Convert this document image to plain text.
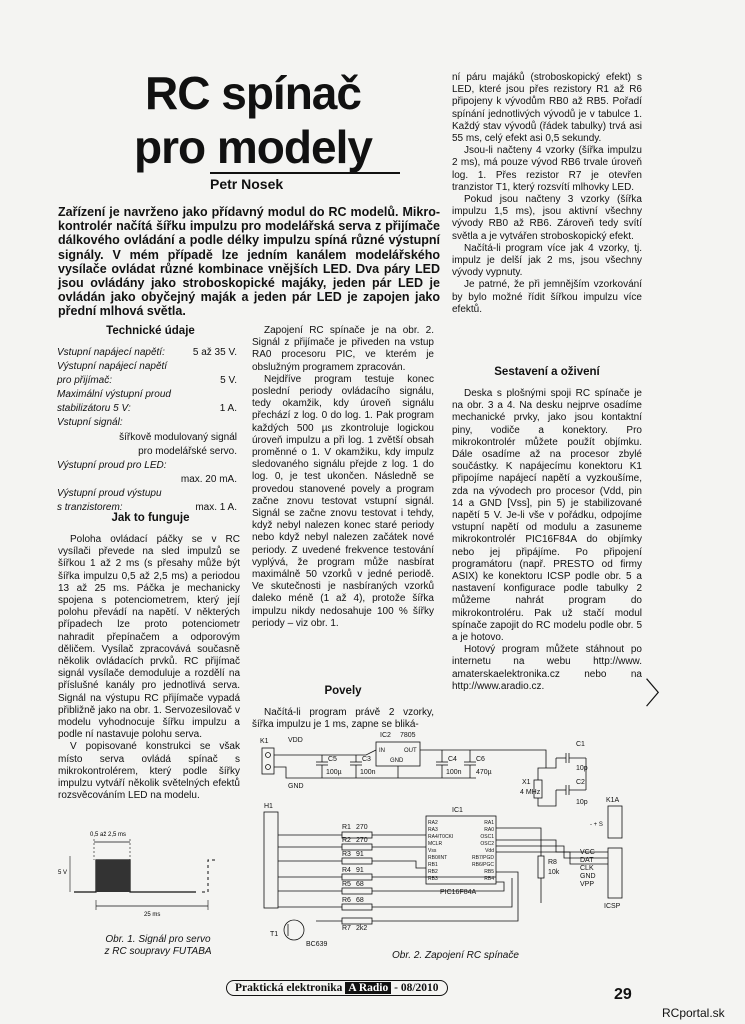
RC spínač
pro modely
Petr Nosek
Zařízení je navrženo jako přídavný modul do RC modelů. Mikro-kontrolér načítá šířku impulzu pro modelářská serva z přijímače dálkového ovládání a podle délky impulzu spíná různé výstupní signály. V mém případě lze jedním kanálem modelářského vysílače ovládat různé kombinace vnějších LED. Dva páry LED jsou ovládány jako stroboskopické majáky, jeden pár LED je ovládán jako obyčejný maják a jeden pár LED je zapojen jako přední mlhová světla.
Technické údaje
Vstupní napájecí napětí:	5 až 35 V.
Výstupní napájecí napětí	
pro přijímač:	5 V.
Maximální výstupní proud	
stabilizátoru 5 V:	1 A.
Vstupní signál:	
šířkově modulovaný signál	
pro modelářské servo.	
Výstupní proud pro LED:	
max. 20 mA.	
Výstupní proud výstupu	
s tranzistorem:	max. 1 A.
Jak to funguje

Poloha ovládací páčky se v RC vysílači převede na sled impulzů se šířkou 1 až 2 ms (s přesahy může být šířka impulzu 0,5 až 2,5 ms) a periodou 13 až 25 ms. Páčka je mechanicky spojena s potenciometrem, který její polohu převádí na napětí. V některých případech lze proto potenciometr nahradit přepínačem a odporovým děličem. Vysílač zpracovává současně několik ovládacích prvků. RC přijímač signál vysílače demoduluje a rozdělí na příslušné kanály pro jednotlivá serva. Signál na výstupu RC přijímače vypadá přibližně jako na obr. 1. Servozesilovač v modelu vyhodnocuje šířku impulzu a podle ní nastavuje polohu serva.

V popisované konstrukci se však místo serva ovládá spínač s mikrokontrolérem, který podle šířky impulzu vytváří několik světelných efektů rozsvěcováním LED na modelu.

Zapojení RC spínače je na obr. 2. Signál z přijímače je přiveden na vstup RA0 procesoru PIC, ve kterém je obslužným programem zpracován.

Nejdříve program testuje konec poslední periody ovládacího signálu, tedy okamžik, kdy úroveň signálu přechází z log. 0 do log. 1. Pak program každých 500 µs zkontroluje logickou úroveň impulzu a při log. 1 zvětší obsah proměnné o 1. V okamžiku, kdy impulz sledovaného signálu přejde z log. 1 do log. 0, je test ukončen. Následně se provedou stanovené povely a program začne znovu testovat vstupní signál. Signál se začne znovu testovat i tehdy, když nebyl nalezen konec staré periody nebo když nebyl nalezen začátek nové periody. Z uvedené frekvence testování vyplývá, že program může nasbírat maximálně 50 vzorků v jedné periodě. Ve skutečnosti je nasbíraných vzorků daleko méně (1 až 4), protože šířka impulzu nikdy nedosahuje 100 % šířky periody – viz obr. 1.

Povely

Načítá-li program právě 2 vzorky, šířka impulzu je 1 ms, zapne se bliká-

ní páru majáků (stroboskopický efekt) s LED, které jsou přes rezistory R1 až R6 připojeny k vývodům RB0 až RB5. Pořadí spínání jednotlivých vývodů je v tabulce 1. Každý stav vývodů (řádek tabulky) trvá asi 55 ms, celý efekt asi 0,5 sekundy.

Jsou-li načteny 4 vzorky (šířka impulzu 2 ms), má pouze vývod RB6 trvale úroveň log. 1. Přes rezistor R7 je otevřen tranzistor T1, který rozsvítí mlhovky LED.

Pokud jsou načteny 3 vzorky (šířka impulzu 1,5 ms), jsou aktivní všechny vývody RB0 až RB6. Zároveň tedy svítí světla a je vytvářen stroboskopický efekt.

Načítá-li program více jak 4 vzorky, tj. impulz je delší jak 2 ms, jsou všechny vývody vypnuty.

Je patrné, že při jemnějším vzorkování by bylo možné řídit šířkou impulzu více efektů.

Sestavení a oživení

Deska s plošnými spoji RC spínače je na obr. 3 a 4. Na desku nejprve osadíme mechanické prvky, jako jsou kontaktní piny, vodiče a konektory. Pro mikrokontrolér můžete použít objímku. Dále osadíme až na procesor zbylé součástky. K napájecímu konektoru K1 připojíme napájecí napětí a vyzkoušíme, zda na vývodech pro procesor (Vdd, pin 14 a GND [Vss], pin 5) je stabilizované napětí 5 V. Je-li vše v pořádku, odpojíme vstupní napětí od modulu a zasuneme mikrokontrolér PIC16F84A do objímky nebo jej připájíme. Po připojení programátoru (např. PRESTO od firmy ASIX) ke konektoru ICSP podle obr. 5 a nastavení konfigurace podle tabulky 2 můžeme nahrát program do mikrokontroléru. Pak už stačí modul spínače zapojit do RC modelu podle obr. 5 a je hotovo.

Hotový program můžete stáhnout po internetu na webu http://www. amaterskaelektronika.cz nebo na http://www.aradio.cz.	〉
0,5 až 2,5 ms
5 V
25 ms
Obr. 1. Signál pro servo
z RC soupravy FUTABA
K1	VDD
GND
IC2 7805
IN	OUT
GND
C5
100µ
C3
100n
C4
100n
C6
470µ
C1
10p
C2
10p
X1
4 MHz
H1
IC1
PIC16F84A
R1 270
R2 270
R3 91
R4 91
R5 68
R6 68
R7 2k2
R8
10k
T1
BC639
K1A
- + S
ICSP
VCC
DAT
CLK
GND
VPP
RA2
RA3
RA4/T0CKI
MCLR
Vss
RB0/INT
RB1
RB2
RB3
RA1
RA0
OSC1
OSC2
Vdd
RB7/PGD
RB6/PGC
RB5
RB4
Obr. 2. Zapojení RC spínače
Praktická elektronika A Radio - 08/2010	29
RCportal.sk
